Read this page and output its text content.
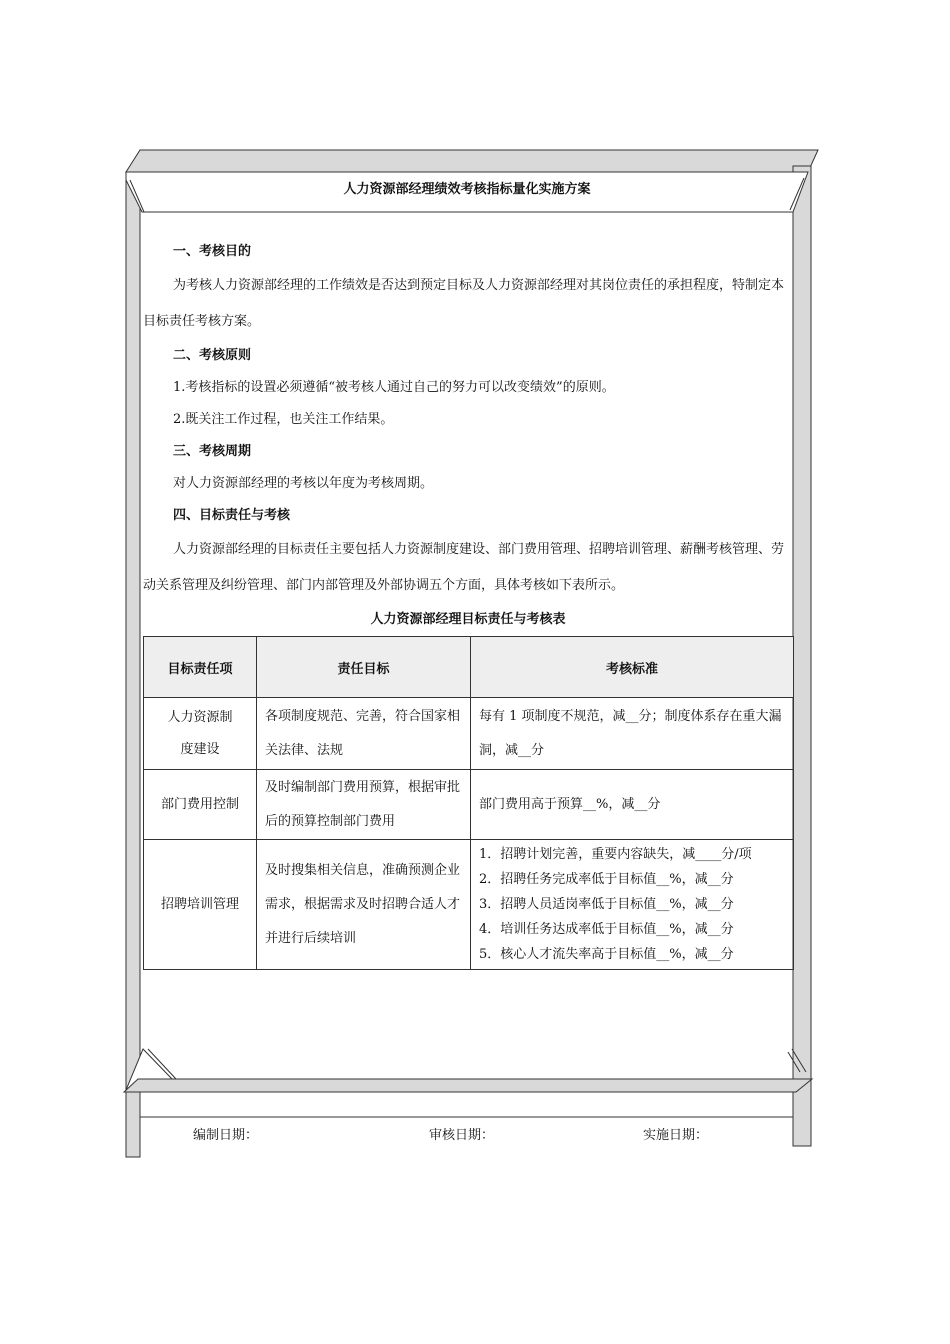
人力资源部经理绩效考核指标量化实施方案
一、考核目的

为考核人力资源部经理的工作绩效是否达到预定目标及人力资源部经理对其岗位责任的承担程度，特制定本目标责任考核方案。

二、考核原则

1.考核指标的设置必须遵循“被考核人通过自己的努力可以改变绩效”的原则。

2.既关注工作过程，也关注工作结果。

三、考核周期

对人力资源部经理的考核以年度为考核周期。

四、目标责任与考核

人力资源部经理的目标责任主要包括人力资源制度建设、部门费用管理、招聘培训管理、薪酬考核管理、劳动关系管理及纠纷管理、部门内部管理及外部协调五个方面，具体考核如下表所示。

人力资源部经理目标责任与考核表
目标责任项	责任目标	考核标准
人力资源制度建设	各项制度规范、完善，符合国家相关法律、法规	每有 1 项制度不规范，减__分；制度体系存在重大漏洞，减__分
部门费用控制	及时编制部门费用预算，根据审批后的预算控制部门费用	部门费用高于预算__%，减__分
招聘培训管理	及时搜集相关信息，准确预测企业需求，根据需求及时招聘合适人才并进行后续培训	1．招聘计划完善，重要内容缺失，减____分/项
2．招聘任务完成率低于目标值__%，减__分
3．招聘人员适岗率低于目标值__%，减__分
4．培训任务达成率低于目标值__%，减__分
5．核心人才流失率高于目标值__%，减__分
编制日期：	审核日期：	实施日期：
